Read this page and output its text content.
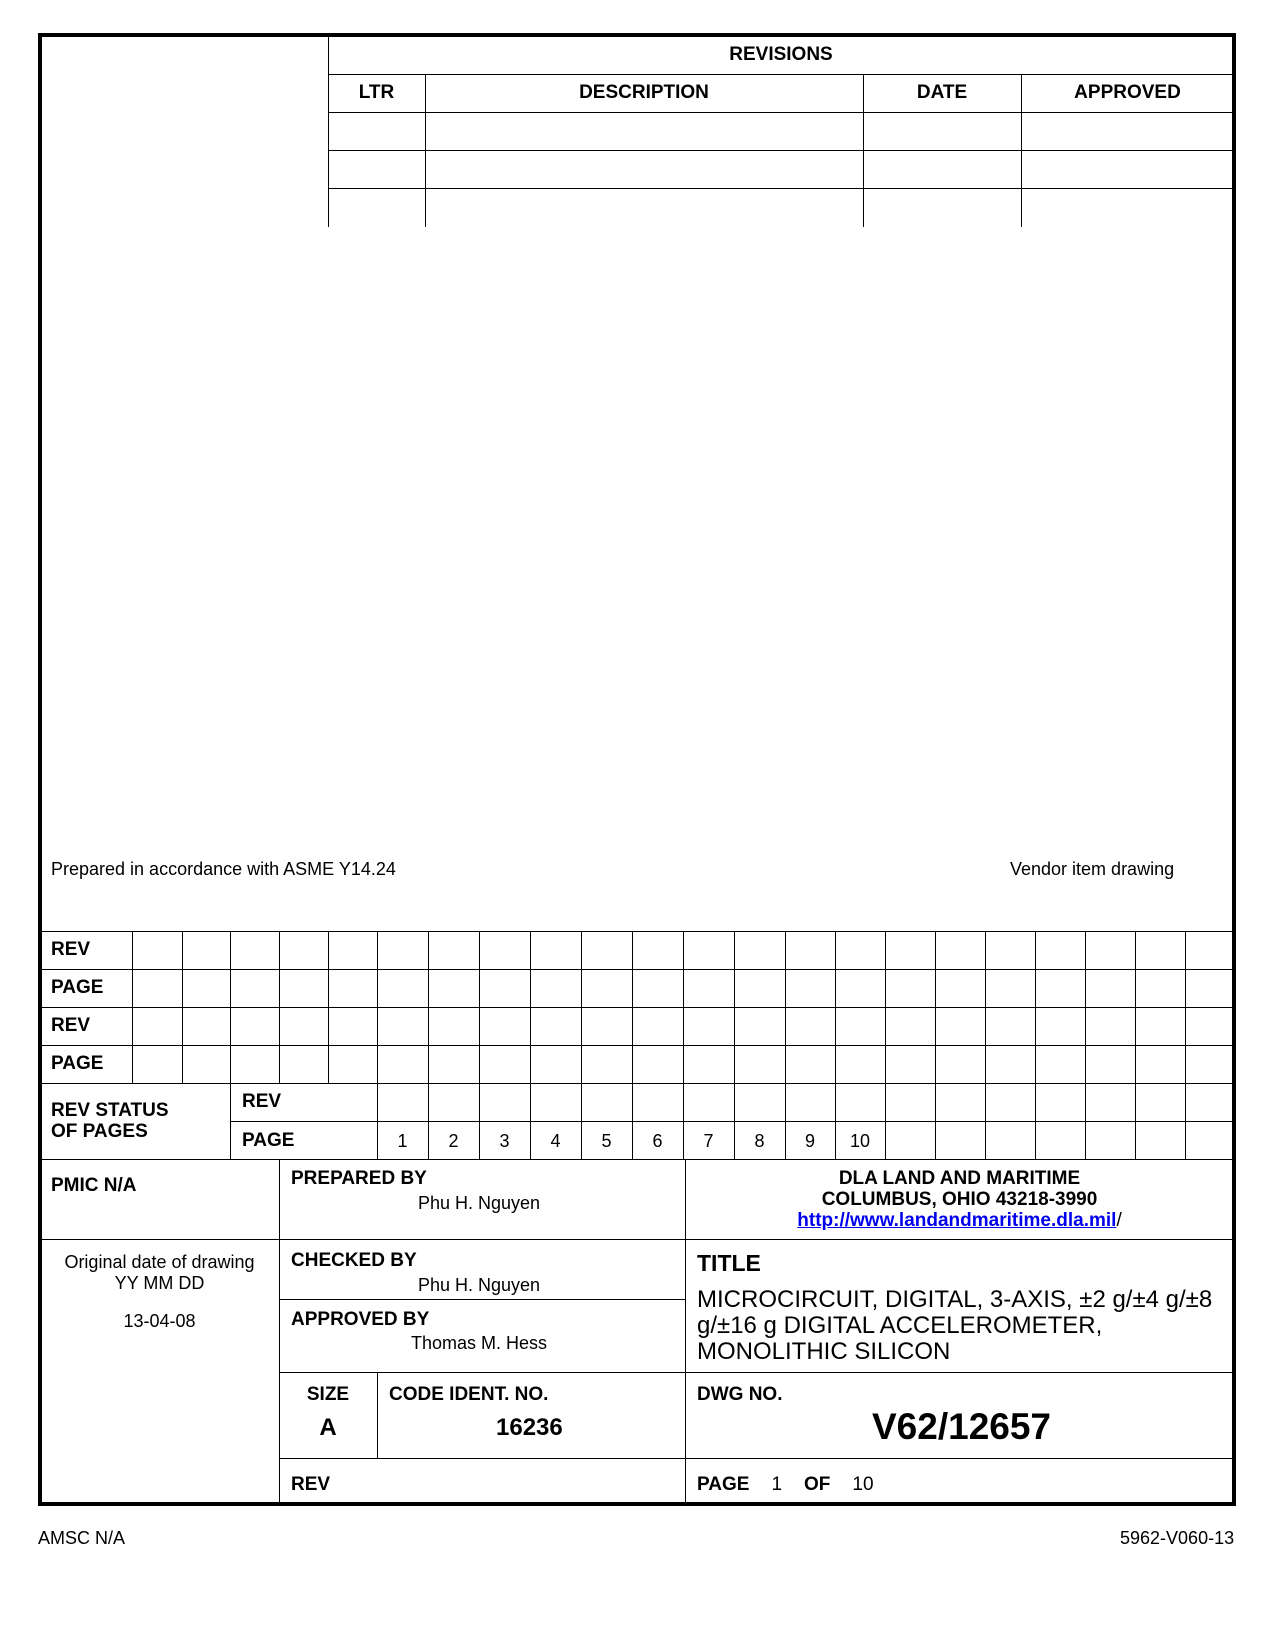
REVISIONS
LTR	DESCRIPTION	DATE	APPROVED
Prepared in accordance with ASME Y14.24	Vendor item drawing
REV
PAGE
REV
PAGE
REV STATUS
OF PAGES
REV
PAGE	1	2	3	4	5	6	7	8	9	10
PMIC N/A	PREPARED BY
Phu H. Nguyen
DLA LAND AND MARITIME
COLUMBUS, OHIO 43218-3990
http://www.landandmaritime.dla.mil/
Original date of drawing
YY MM DD
13-04-08
CHECKED BY
Phu H. Nguyen
APPROVED BY
Thomas M. Hess
TITLE
MICROCIRCUIT, DIGITAL, 3-AXIS, ±2 g/±4 g/±8
g/±16 g DIGITAL ACCELEROMETER,
MONOLITHIC SILICON
SIZE
A
CODE IDENT. NO.
16236
DWG NO.
V62/12657
REV	PAGE 1 OF 10
AMSC N/A	5962-V060-13
